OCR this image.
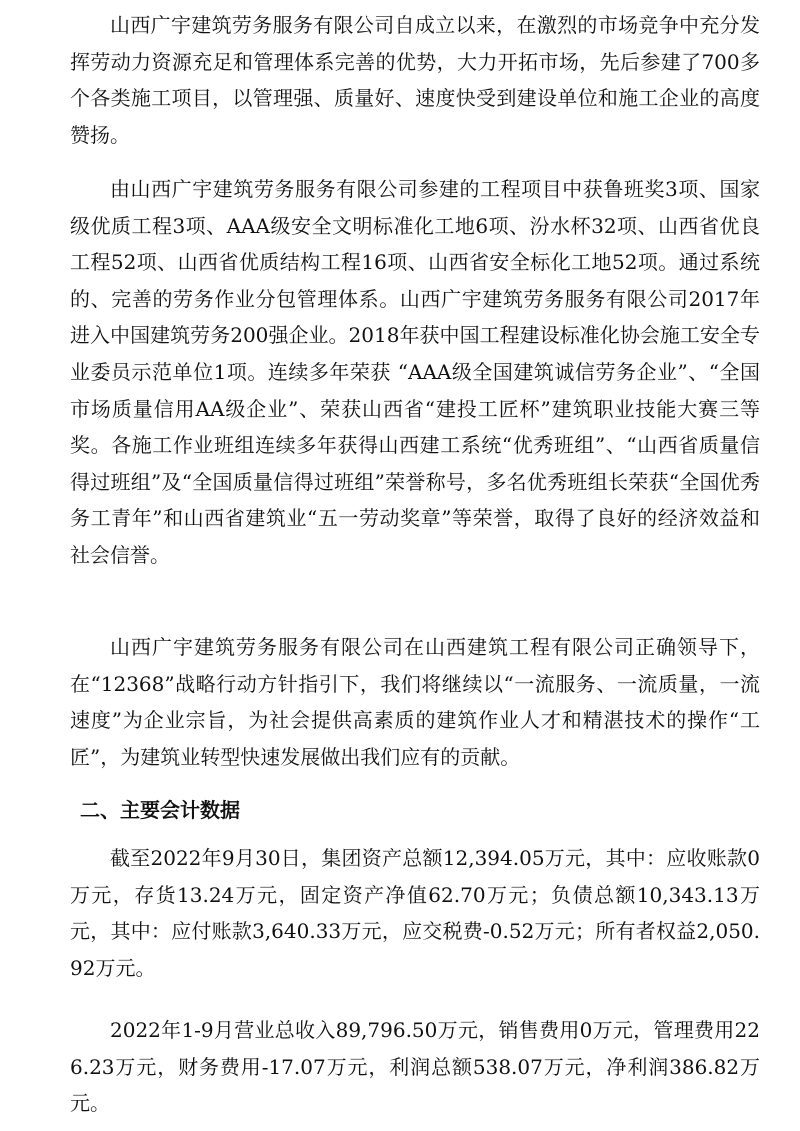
山西广宇建筑劳务服务有限公司自成立以来，在激烈的市场竞争中充分发挥劳动力资源充足和管理体系完善的优势，大力开拓市场，先后参建了700多个各类施工项目，以管理强、质量好、速度快受到建设单位和施工企业的高度赞扬。

由山西广宇建筑劳务服务有限公司参建的工程项目中获鲁班奖3项、国家级优质工程3项、AAA级安全文明标准化工地6项、汾水杯32项、山西省优良工程52项、山西省优质结构工程16项、山西省安全标化工地52项。通过系统的、完善的劳务作业分包管理体系。山西广宇建筑劳务服务有限公司2017年进入中国建筑劳务200强企业。2018年获中国工程建设标准化协会施工安全专业委员示范单位1项。连续多年荣获 “AAA级全国建筑诚信劳务企业”、“全国市场质量信用AA级企业”、荣获山西省“建投工匠杯”建筑职业技能大赛三等奖。各施工作业班组连续多年获得山西建工系统“优秀班组”、“山西省质量信得过班组”及“全国质量信得过班组”荣誉称号，多名优秀班组长荣获“全国优秀务工青年”和山西省建筑业“五一劳动奖章”等荣誉，取得了良好的经济效益和社会信誉。

山西广宇建筑劳务服务有限公司在山西建筑工程有限公司正确领导下，在“12368”战略行动方针指引下，我们将继续以“一流服务、一流质量，一流速度”为企业宗旨，为社会提供高素质的建筑作业人才和精湛技术的操作“工匠”，为建筑业转型快速发展做出我们应有的贡献。

二、主要会计数据

截至2022年9月30日，集团资产总额12,394.05万元，其中：应收账款0万元，存货13.24万元，固定资产净值62.70万元；负债总额10,343.13万元，其中：应付账款3,640.33万元，应交税费-0.52万元；所有者权益2,050.92万元。

2022年1-9月营业总收入89,796.50万元，销售费用0万元，管理费用226.23万元，财务费用-17.07万元，利润总额538.07万元，净利润386.82万元。
